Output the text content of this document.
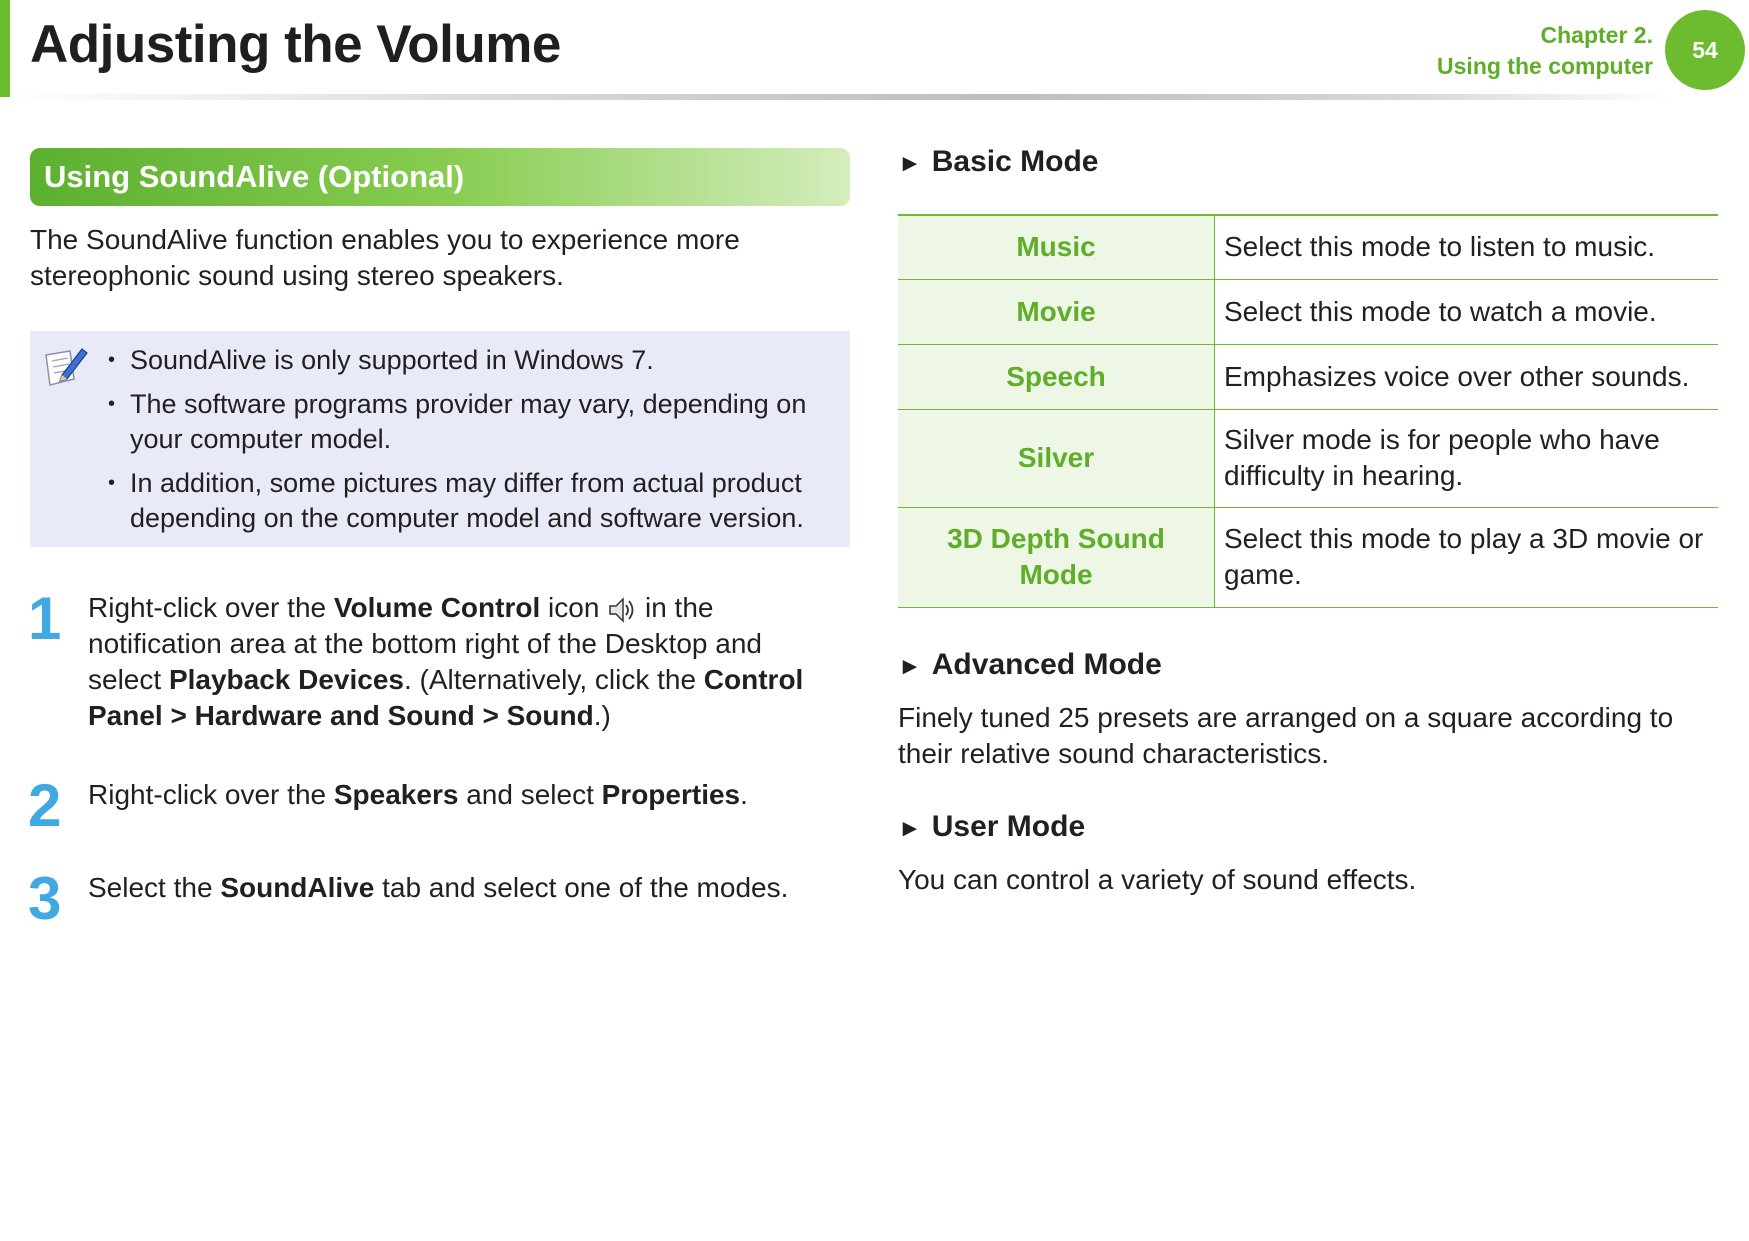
Adjusting the Volume	Chapter 2.
Using the computer
54
Using SoundAlive (Optional)

The SoundAlive function enables you to experience more stereophonic sound using stereo speakers.

• SoundAlive is only supported in Windows 7.
• The software programs provider may vary, depending on your computer model.
• In addition, some pictures may differ from actual product depending on the computer model and software version.
1 Right-click over the Volume Control icon  in the notification area at the bottom right of the Desktop and select Playback Devices. (Alternatively, click the Control Panel > Hardware and Sound > Sound.)

2 Right-click over the Speakers and select Properties.

3 Select the SoundAlive tab and select one of the modes.

► Basic Mode
Music	Select this mode to listen to music.
Movie	Select this mode to watch a movie.
Speech	Emphasizes voice over other sounds.
Silver	Silver mode is for people who have difficulty in hearing.
3D Depth Sound Mode	Select this mode to play a 3D movie or game.
► Advanced Mode

Finely tuned 25 presets are arranged on a square according to their relative sound characteristics.

► User Mode

You can control a variety of sound effects.
